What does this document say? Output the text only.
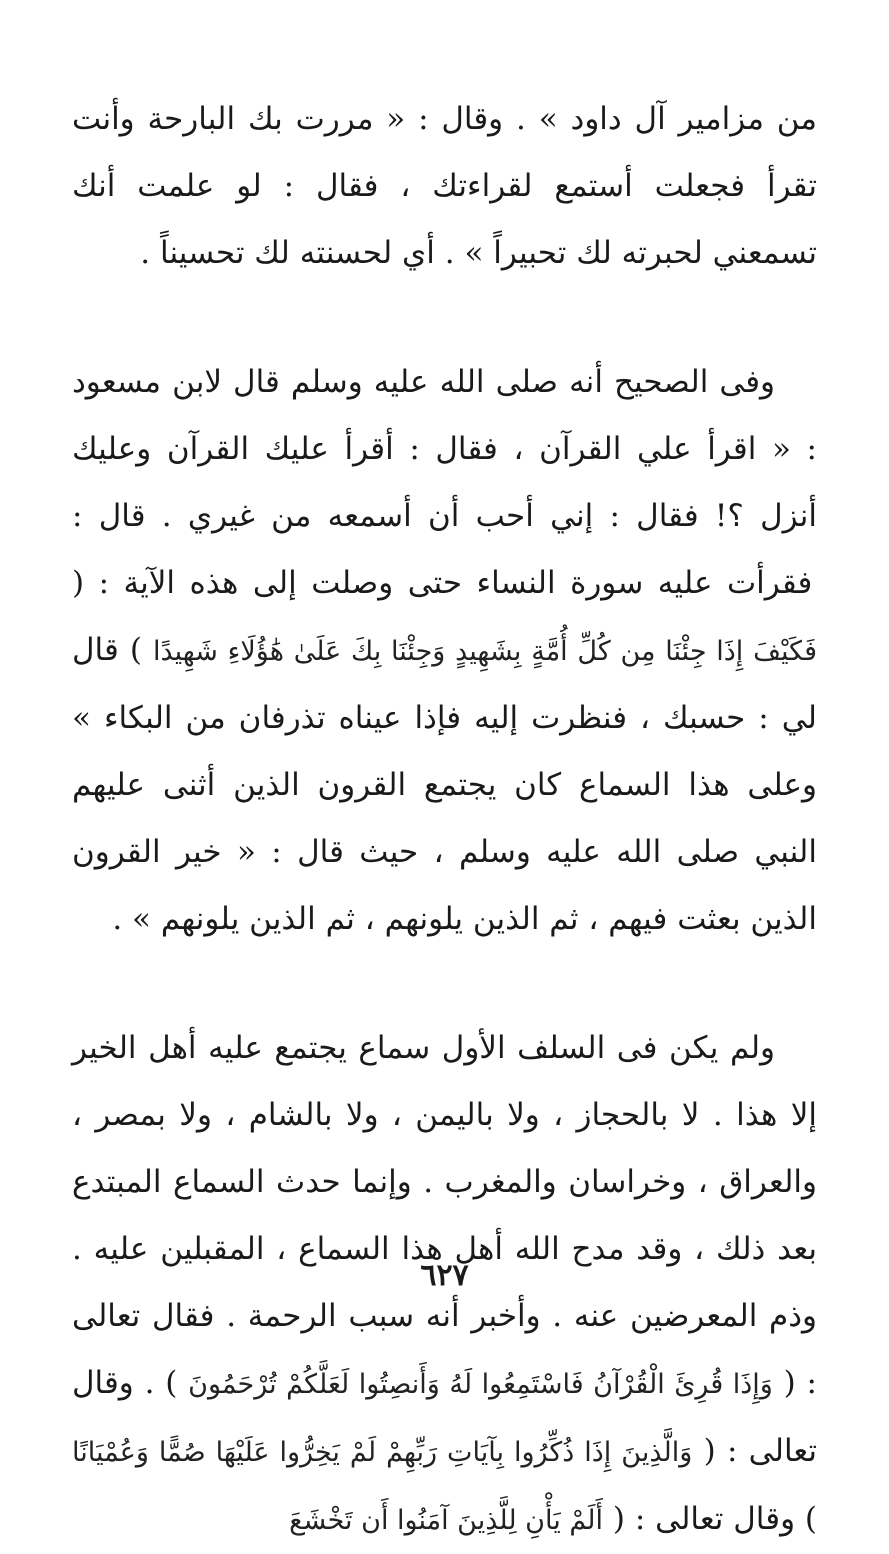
من مزامير آل داود » . وقال : « مررت بك البارحة وأنت تقرأ فجعلت أستمع لقراءتك ، فقال : لو علمت أنك تسمعني لحبرته لك تحبيراً » . أي لحسنته لك تحسيناً .

وفى الصحيح أنه صلى الله عليه وسلم قال لابن مسعود : « اقرأ علي القرآن ، فقال : أقرأ عليك القرآن وعليك أنزل ؟! فقال : إني أحب أن أسمعه من غيري . قال : فقرأت عليه سورة النساء حتى وصلت إلى هذه الآية : ( فَكَيْفَ إِذَا جِئْنَا مِن كُلِّ أُمَّةٍ بِشَهِيدٍ وَجِئْنَا بِكَ عَلَىٰ هَٰؤُلَاءِ شَهِيدًا ) قال لي : حسبك ، فنظرت إليه فإذا عيناه تذرفان من البكاء » وعلى هذا السماع كان يجتمع القرون الذين أثنى عليهم النبي صلى الله عليه وسلم ، حيث قال : « خير القرون الذين بعثت فيهم ، ثم الذين يلونهم ، ثم الذين يلونهم » .

ولم يكن فى السلف الأول سماع يجتمع عليه أهل الخير إلا هذا . لا بالحجاز ، ولا باليمن ، ولا بالشام ، ولا بمصر ، والعراق ، وخراسان والمغرب . وإنما حدث السماع المبتدع بعد ذلك ، وقد مدح الله أهل هذا السماع ، المقبلين عليه . وذم المعرضين عنه . وأخبر أنه سبب الرحمة . فقال تعالى : ( وَإِذَا قُرِئَ الْقُرْآنُ فَاسْتَمِعُوا لَهُ وَأَنصِتُوا لَعَلَّكُمْ تُرْحَمُونَ ) . وقال تعالى : ( وَالَّذِينَ إِذَا ذُكِّرُوا بِآيَاتِ رَبِّهِمْ لَمْ يَخِرُّوا عَلَيْهَا صُمًّا وَعُمْيَانًا ) وقال تعالى : ( أَلَمْ يَأْنِ لِلَّذِينَ آمَنُوا أَن تَخْشَعَ

٦٢٧
